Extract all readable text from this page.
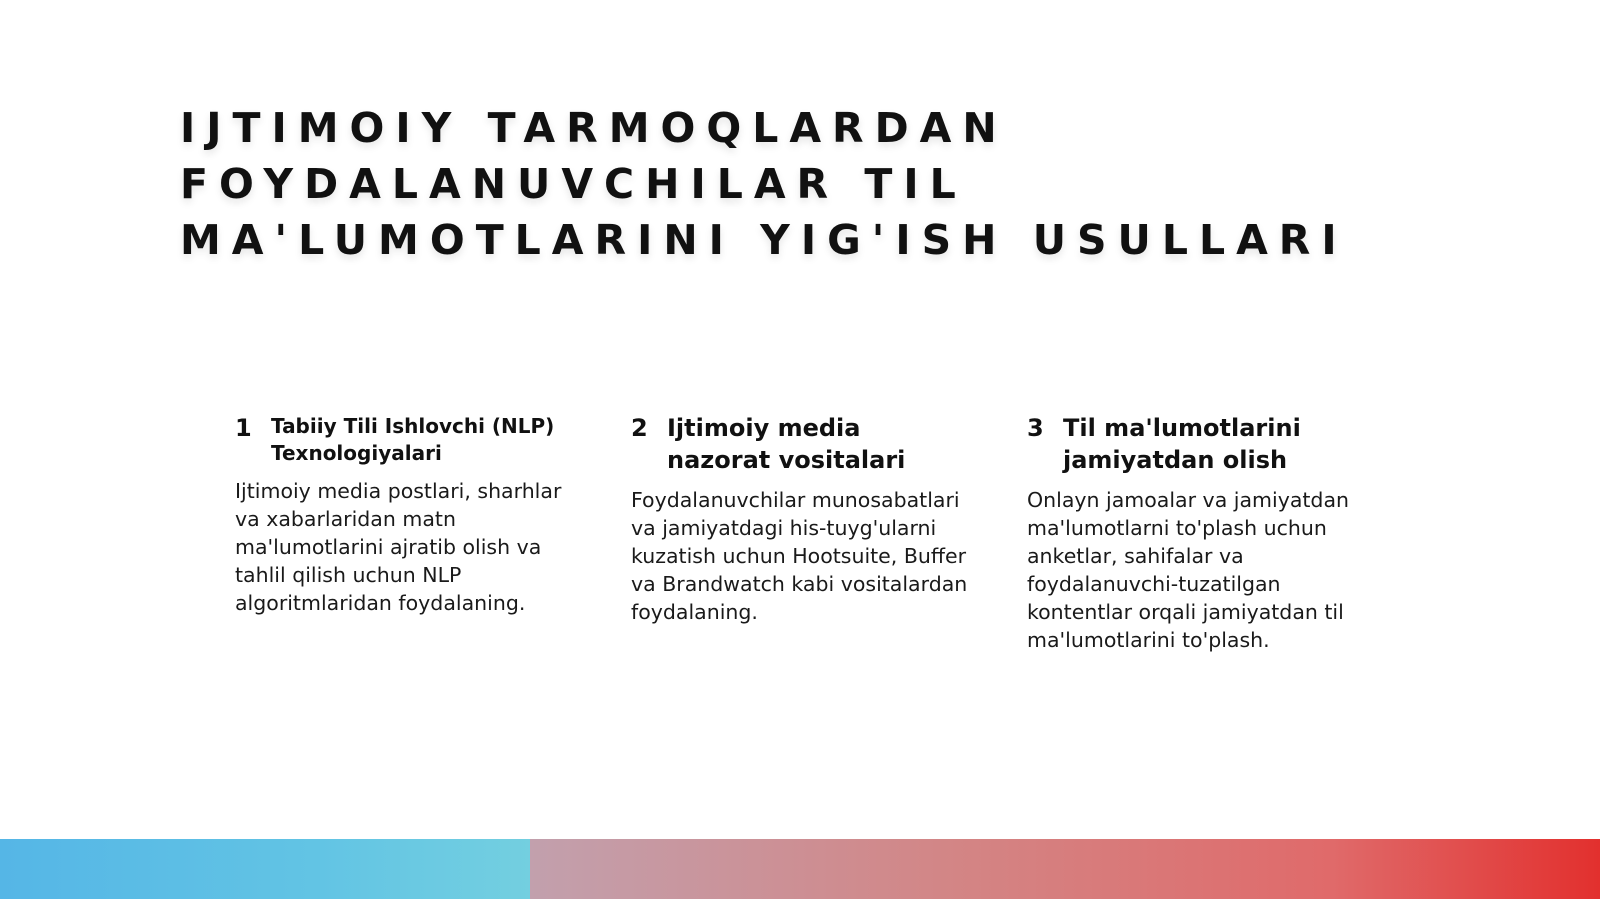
IJTIMOIY TARMOQLARDAN
FOYDALANUVCHILAR TIL
MA'LUMOTLARINI YIG'ISH USULLARI
1 Tabiiy Tili Ishlovchi (NLP) Texnologiyalari

Ijtimoiy media postlari, sharhlar va xabarlaridan matn ma'lumotlarini ajratib olish va tahlil qilish uchun NLP algoritmlaridan foydalaning.

2 Ijtimoiy media nazorat vositalari

Foydalanuvchilar munosabatlari va jamiyatdagi his-tuyg'ularni kuzatish uchun Hootsuite, Buffer va Brandwatch kabi vositalardan foydalaning.

3 Til ma'lumotlarini jamiyatdan olish

Onlayn jamoalar va jamiyatdan ma'lumotlarni to'plash uchun anketlar, sahifalar va foydalanuvchi-tuzatilgan kontentlar orqali jamiyatdan til ma'lumotlarini to'plash.
